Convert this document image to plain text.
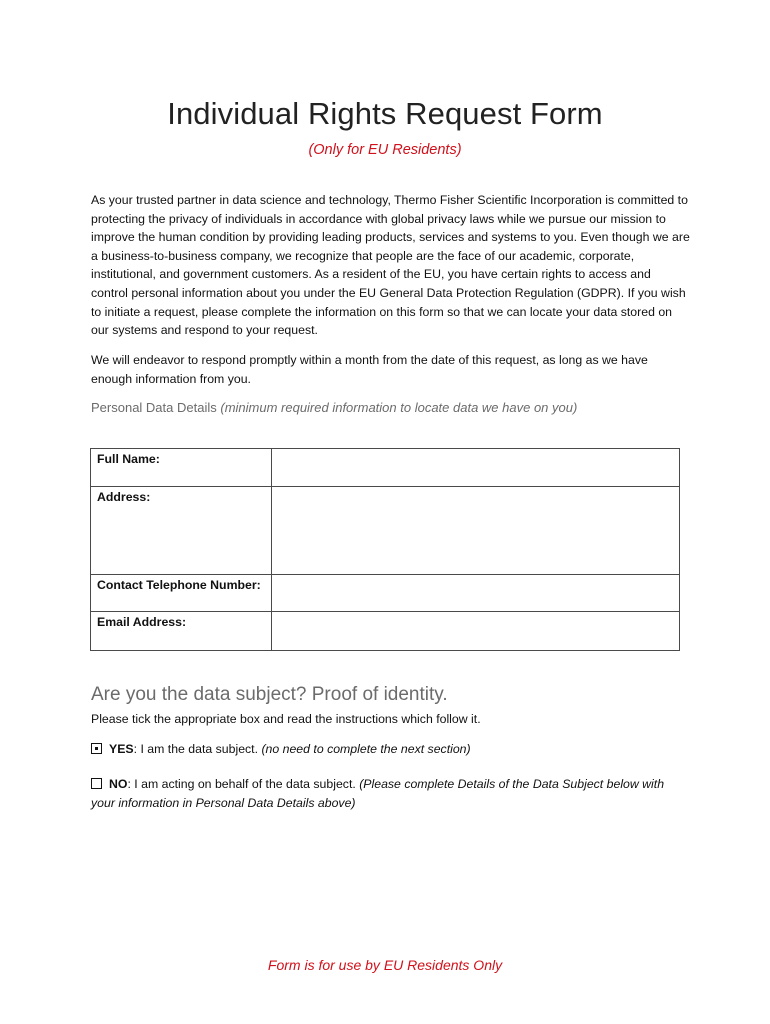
Individual Rights Request Form
(Only for EU Residents)

As your trusted partner in data science and technology, Thermo Fisher Scientific Incorporation is committed to protecting the privacy of individuals in accordance with global privacy laws while we pursue our mission to improve the human condition by providing leading products, services and systems to you. Even though we are a business-to-business company, we recognize that people are the face of our academic, corporate, institutional, and government customers. As a resident of the EU, you have certain rights to access and control personal information about you under the EU General Data Protection Regulation (GDPR). If you wish to initiate a request, please complete the information on this form so that we can locate your data stored on our systems and respond to your request.

We will endeavor to respond promptly within a month from the date of this request, as long as we have enough information from you.

Personal Data Details (minimum required information to locate data we have on you)
Full Name:	
Address:	
Contact Telephone Number:	
Email Address:	
Are you the data subject? Proof of identity.
Please tick the appropriate box and read the instructions which follow it.
YES: I am the data subject. (no need to complete the next section)
NO: I am acting on behalf of the data subject. (Please complete Details of the Data Subject below with your information in Personal Data Details above)
Form is for use by EU Residents Only
